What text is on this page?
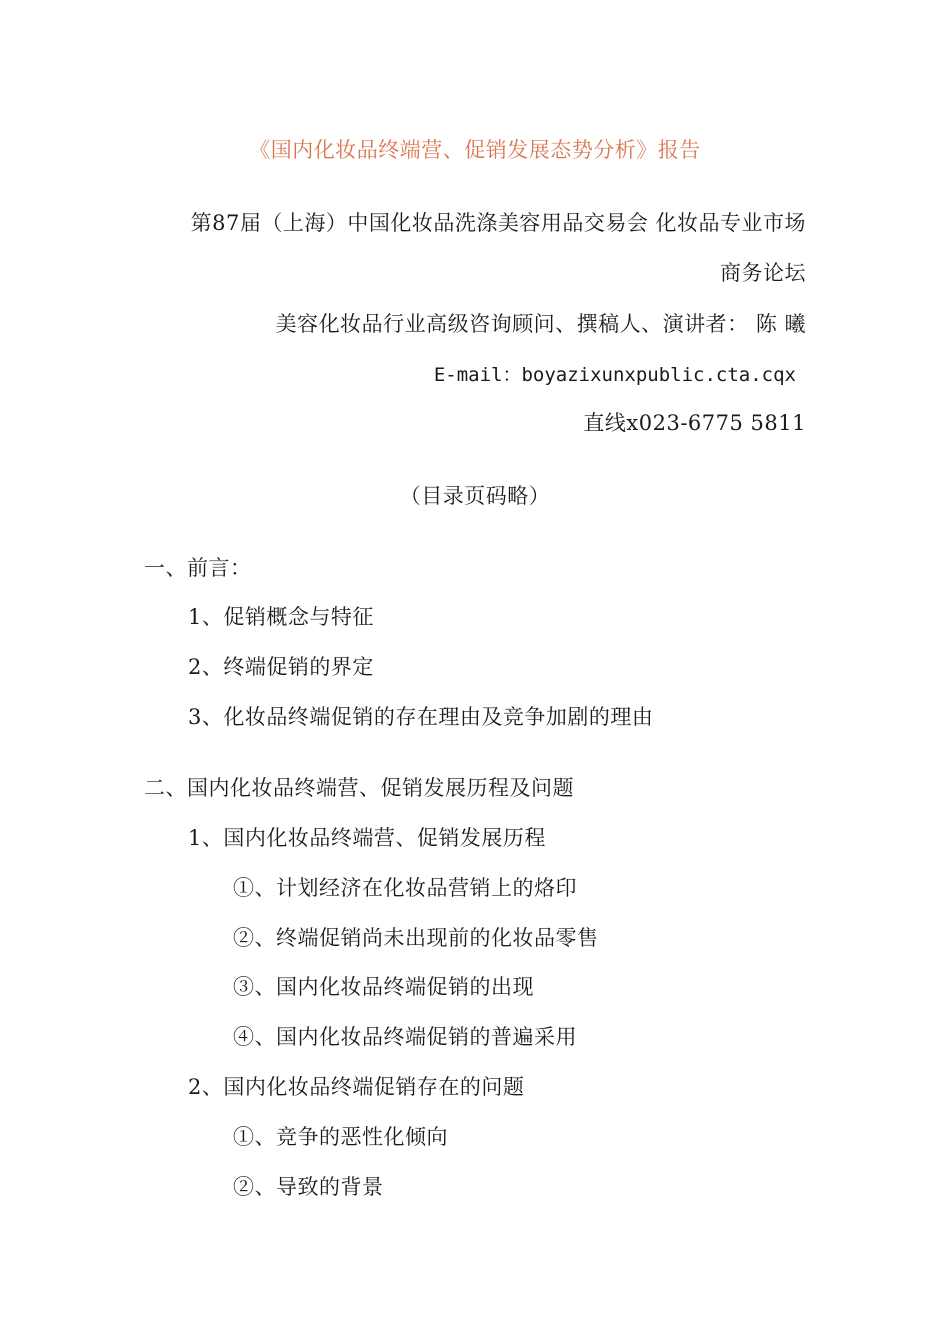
《国内化妆品终端营、促销发展态势分析》报告
第87届（上海）中国化妆品洗涤美容用品交易会 化妆品专业市场
商务论坛
美容化妆品行业高级咨询顾问、撰稿人、演讲者： 陈 曦
E-mail：boyazixunxpublic.cta.cqx
直线x023-6775 5811
（目录页码略）
一、前言：
1、促销概念与特征
2、终端促销的界定
3、化妆品终端促销的存在理由及竞争加剧的理由
二、国内化妆品终端营、促销发展历程及问题
1、国内化妆品终端营、促销发展历程
①、计划经济在化妆品营销上的烙印
②、终端促销尚未出现前的化妆品零售
③、国内化妆品终端促销的出现
④、国内化妆品终端促销的普遍采用
2、国内化妆品终端促销存在的问题
①、竞争的恶性化倾向
②、导致的背景
